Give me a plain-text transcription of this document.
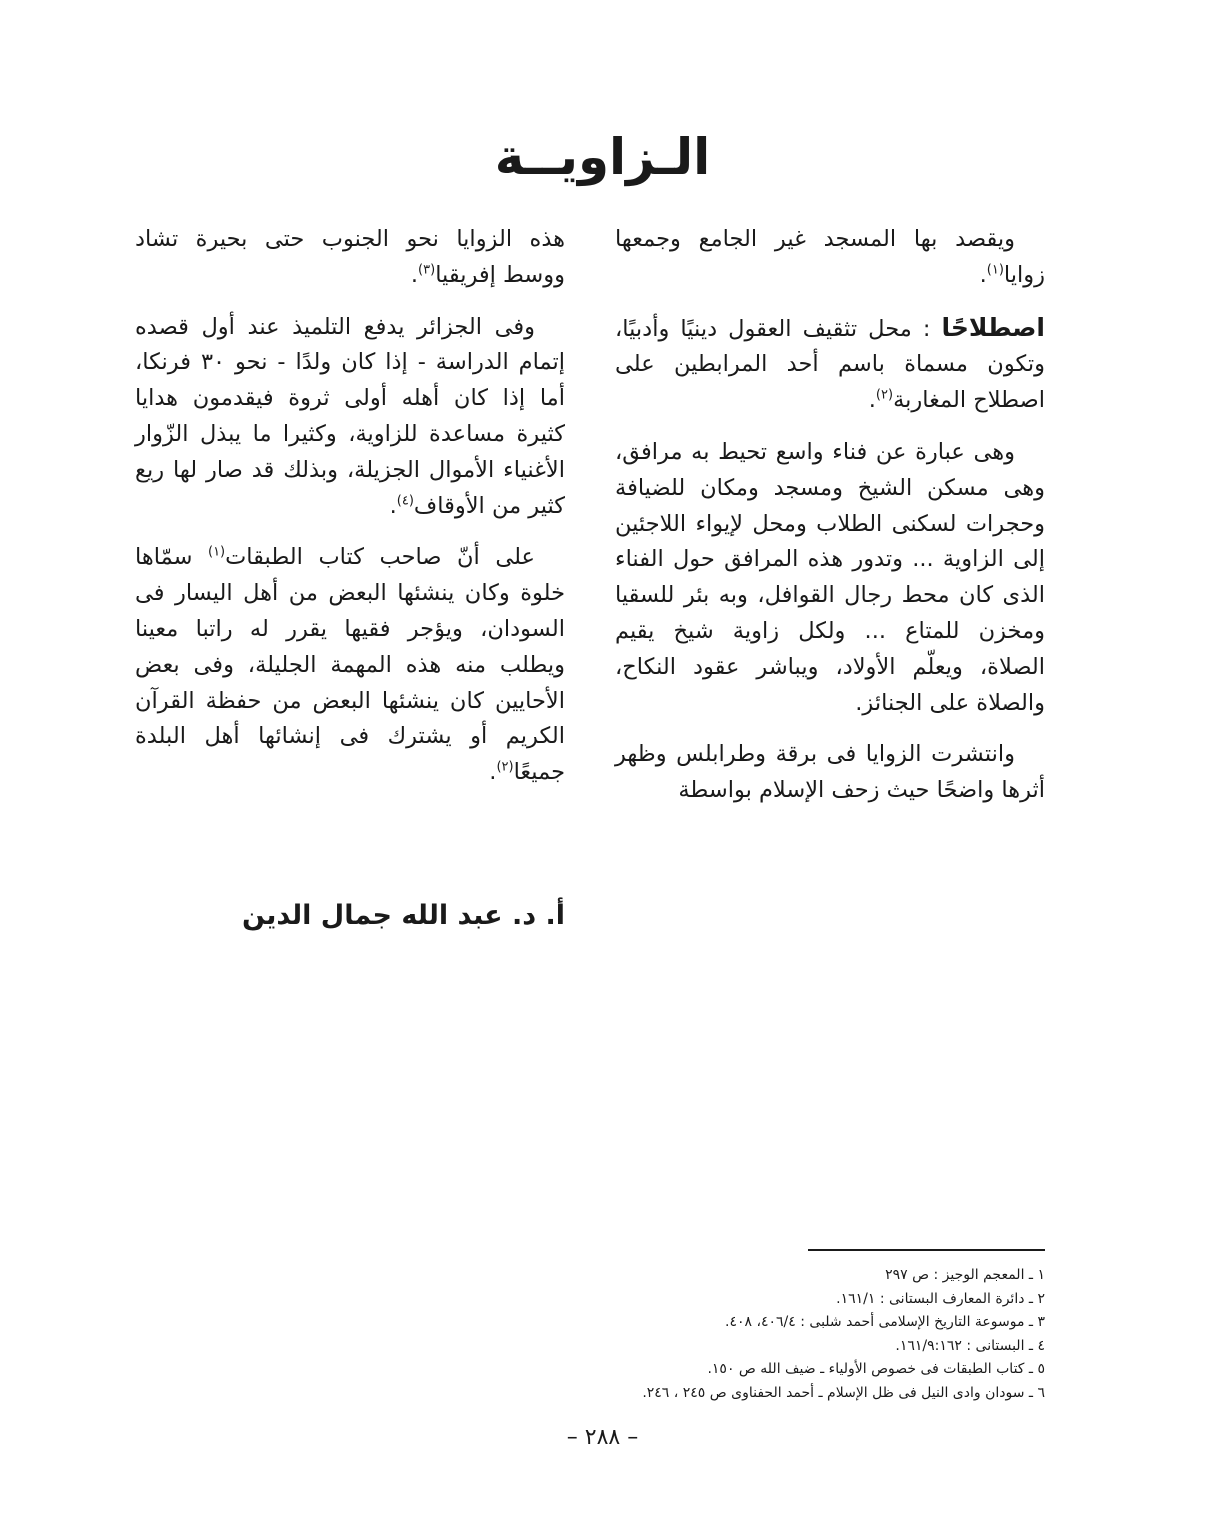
الـزاويــة

ويقصد بها المسجد غير الجامع وجمعها زوايا$^{(١)}$.

اصطلاحًا : محل تثقيف العقول دينيًا وأدبيًا، وتكون مسماة باسم أحد المرابطين على اصطلاح المغاربة$^{(٢)}$.

وهى عبارة عن فناء واسع تحيط به مرافق، وهى مسكن الشيخ ومسجد ومكان للضيافة وحجرات لسكنى الطلاب ومحل لإيواء اللاجئين إلى الزاوية ... وتدور هذه المرافق حول الفناء الذى كان محط رجال القوافل، وبه بئر للسقيا ومخزن للمتاع ... ولكل زاوية شيخ يقيم الصلاة، ويعلّم الأولاد، ويباشر عقود النكاح، والصلاة على الجنائز.

وانتشرت الزوايا فى برقة وطرابلس وظهر أثرها واضحًا حيث زحف الإسلام بواسطة

هذه الزوايا نحو الجنوب حتى بحيرة تشاد ووسط إفريقيا$^{(٣)}$.

وفى الجزائر يدفع التلميذ عند أول قصده إتمام الدراسة - إذا كان ولدًا - نحو ٣٠ فرنكا، أما إذا كان أهله أولى ثروة فيقدمون هدايا كثيرة مساعدة للزاوية، وكثيرا ما يبذل الزّوار الأغنياء الأموال الجزيلة، وبذلك قد صار لها ريع كثير من الأوقاف$^{(٤)}$.

على أنّ صاحب كتاب الطبقات$^{(١)}$ سمّاها خلوة وكان ينشئها البعض من أهل اليسار فى السودان، ويؤجر فقيها يقرر له راتبا معينا ويطلب منه هذه المهمة الجليلة، وفى بعض الأحايين كان ينشئها البعض من حفظة القرآن الكريم أو يشترك فى إنشائها أهل البلدة جميعًا$^{(٢)}$.

أ. د. عبد الله جمال الدين

١ ـ المعجم الوجيز : ص ٢٩٧
٢ ـ دائرة المعارف البستانى : ١٦١/١.
٣ ـ موسوعة التاريخ الإسلامى أحمد شلبى : ٤٠٦/٤، ٤٠٨.
٤ ـ البستانى : ١٦١/٩:١٦٢.
٥ ـ كتاب الطبقات فى خصوص الأولياء ـ ضيف الله ص ١٥٠.
٦ ـ سودان وادى النيل فى ظل الإسلام ـ أحمد الحفناوى ص ٢٤٥ ، ٢٤٦.

– ٢٨٨ –
